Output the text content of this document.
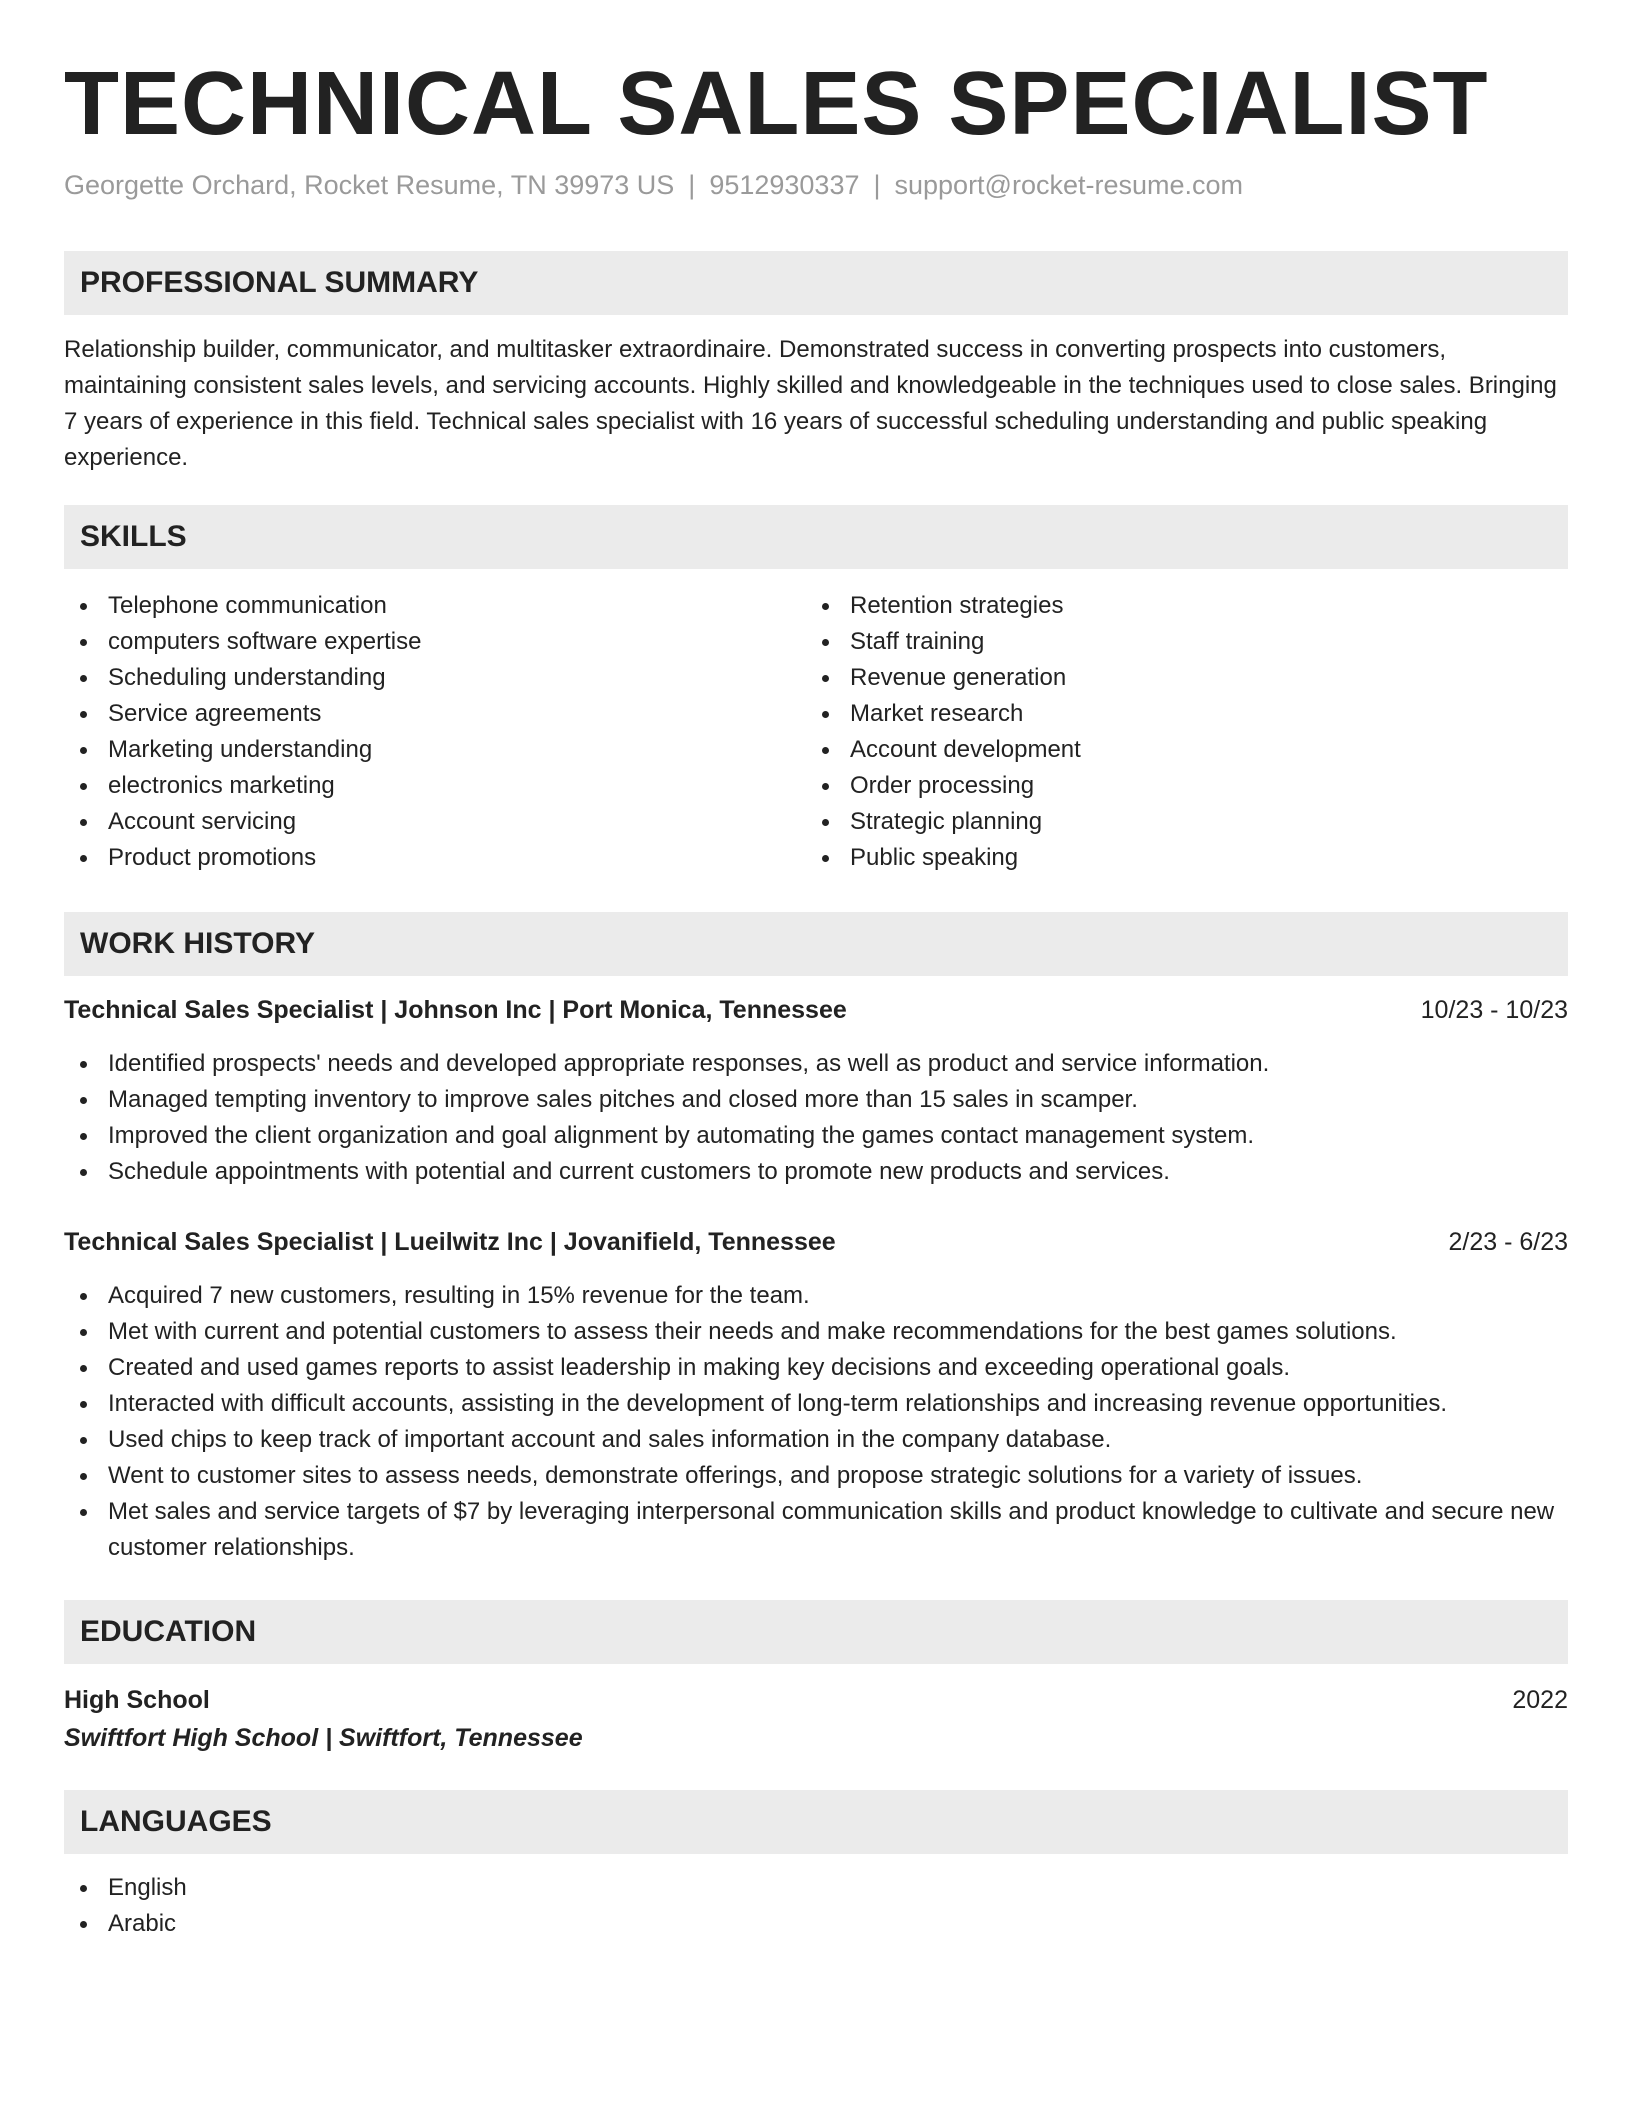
TECHNICAL SALES SPECIALIST
Georgette Orchard, Rocket Resume, TN 39973 US | 9512930337 | support@rocket-resume.com
PROFESSIONAL SUMMARY
Relationship builder, communicator, and multitasker extraordinaire. Demonstrated success in converting prospects into customers, maintaining consistent sales levels, and servicing accounts. Highly skilled and knowledgeable in the techniques used to close sales. Bringing 7 years of experience in this field. Technical sales specialist with 16 years of successful scheduling understanding and public speaking experience.
SKILLS
Telephone communication
computers software expertise
Scheduling understanding
Service agreements
Marketing understanding
electronics marketing
Account servicing
Product promotions
Retention strategies
Staff training
Revenue generation
Market research
Account development
Order processing
Strategic planning
Public speaking
WORK HISTORY
Technical Sales Specialist | Johnson Inc | Port Monica, Tennessee	10/23 - 10/23
Identified prospects' needs and developed appropriate responses, as well as product and service information.
Managed tempting inventory to improve sales pitches and closed more than 15 sales in scamper.
Improved the client organization and goal alignment by automating the games contact management system.
Schedule appointments with potential and current customers to promote new products and services.
Technical Sales Specialist | Lueilwitz Inc | Jovanifield, Tennessee	2/23 - 6/23
Acquired 7 new customers, resulting in 15% revenue for the team.
Met with current and potential customers to assess their needs and make recommendations for the best games solutions.
Created and used games reports to assist leadership in making key decisions and exceeding operational goals.
Interacted with difficult accounts, assisting in the development of long-term relationships and increasing revenue opportunities.
Used chips to keep track of important account and sales information in the company database.
Went to customer sites to assess needs, demonstrate offerings, and propose strategic solutions for a variety of issues.
Met sales and service targets of $7 by leveraging interpersonal communication skills and product knowledge to cultivate and secure new customer relationships.
EDUCATION
High School	2022
Swiftfort High School | Swiftfort, Tennessee
LANGUAGES
English
Arabic
